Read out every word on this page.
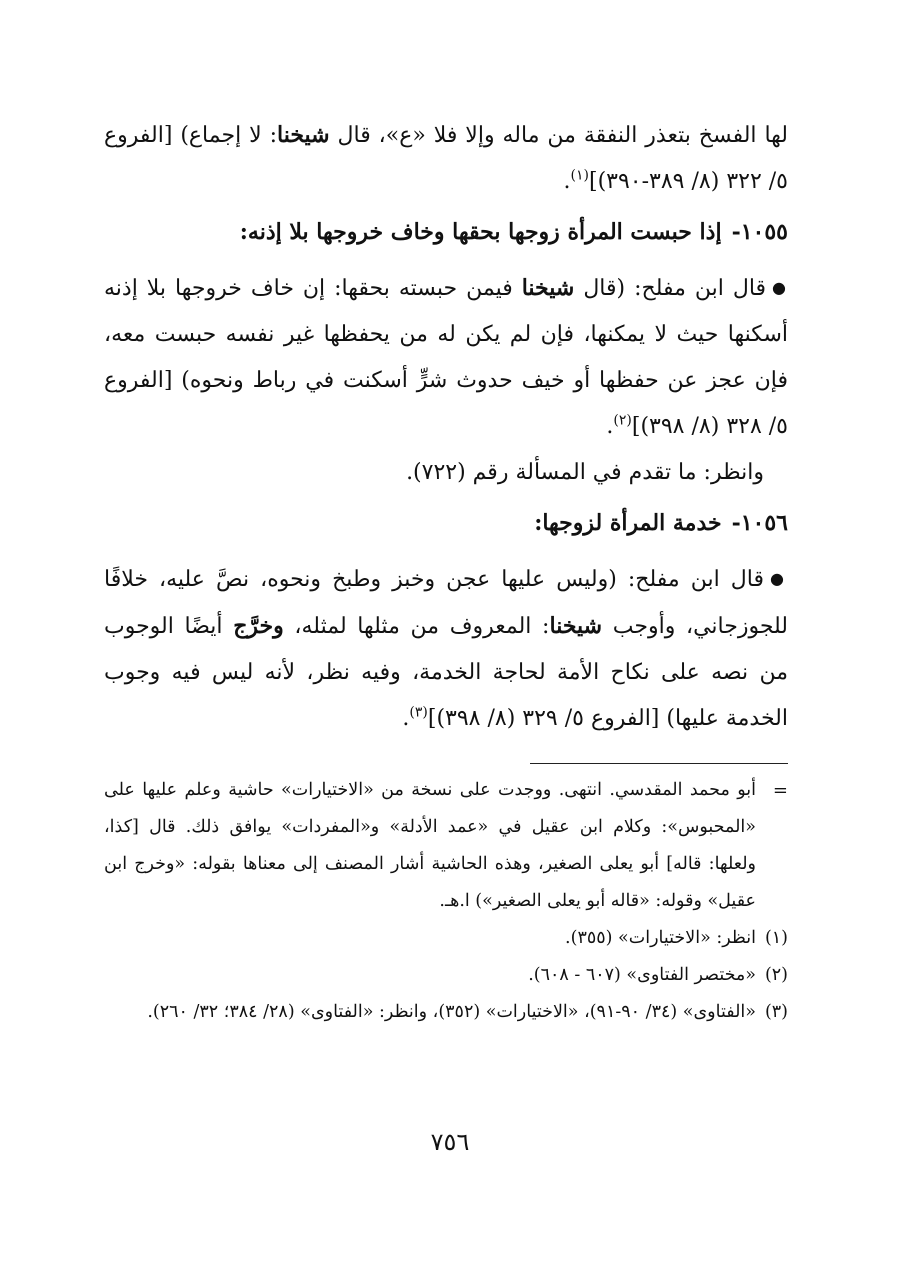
لها الفسخ بتعذر النفقة من ماله وإلا فلا «ع»، قال شيخنا: لا إجماع) [الفروع ٥/ ٣٢٢ (٨/ ٣٨٩-٣٩٠)]$^{(١)}$.

١٠٥٥-إذا حبست المرأة زوجها بحقها وخاف خروجها بلا إذنه:

●قال ابن مفلح: (قال شيخنا فيمن حبسته بحقها: إن خاف خروجها بلا إذنه أسكنها حيث لا يمكنها، فإن لم يكن له من يحفظها غير نفسه حبست معه، فإن عجز عن حفظها أو خيف حدوث شرٍّ أسكنت في رباط ونحوه) [الفروع ٥/ ٣٢٨ (٨/ ٣٩٨)]$^{(٢)}$.

وانظر: ما تقدم في المسألة رقم (٧٢٢).

١٠٥٦-خدمة المرأة لزوجها:

●قال ابن مفلح: (وليس عليها عجن وخبز وطبخ ونحوه، نصَّ عليه، خلافًا للجوزجاني، وأوجب شيخنا: المعروف من مثلها لمثله، وخرَّج أيضًا الوجوب من نصه على نكاح الأمة لحاجة الخدمة، وفيه نظر، لأنه ليس فيه وجوب الخدمة عليها) [الفروع ٥/ ٣٢٩ (٨/ ٣٩٨)]$^{(٣)}$.

=

أبو محمد المقدسي. انتهى. ووجدت على نسخة من «الاختيارات» حاشية وعلم عليها على «المحبوس»: وكلام ابن عقيل في «عمد الأدلة» و«المفردات» يوافق ذلك. قال [كذا، ولعلها: قاله] أبو يعلى الصغير، وهذه الحاشية أشار المصنف إلى معناها بقوله: «وخرج ابن عقيل» وقوله: «قاله أبو يعلى الصغير») ا.هـ.

(١)

انظر: «الاختيارات» (٣٥٥).

(٢)

«مختصر الفتاوى» (٦٠٧ - ٦٠٨).

(٣)

«الفتاوى» (٣٤/ ٩٠-٩١)، «الاختيارات» (٣٥٢)، وانظر: «الفتاوى» (٢٨/ ٣٨٤؛ ٣٢/ ٢٦٠).

٧٥٦
